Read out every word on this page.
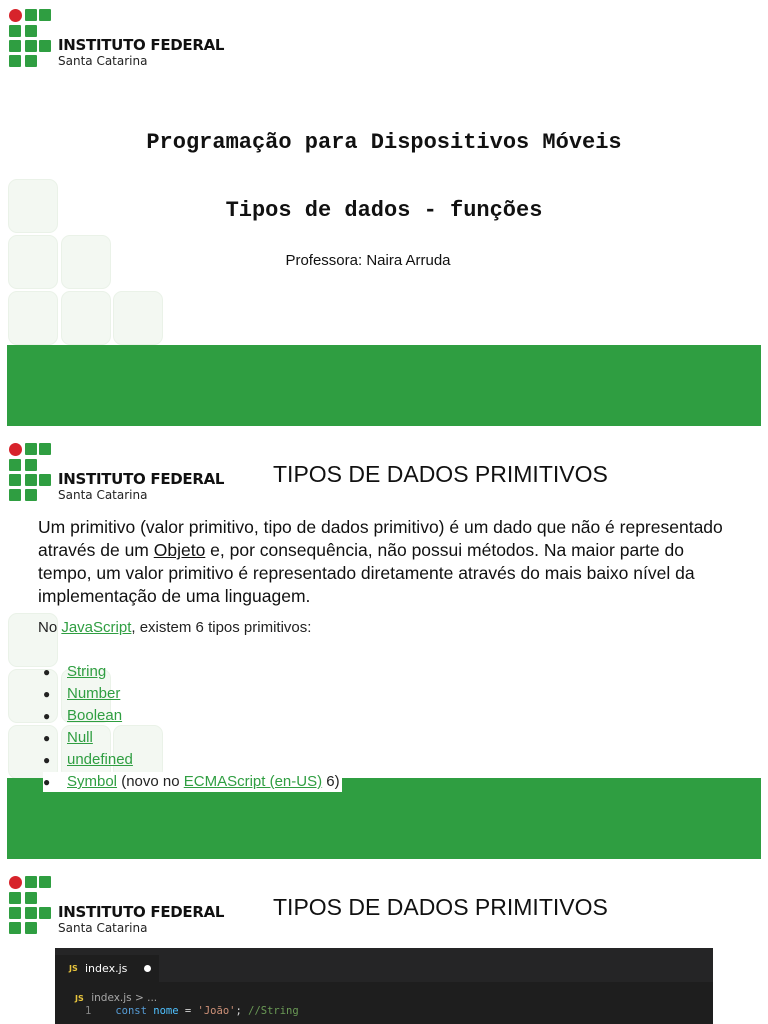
INSTITUTO FEDERAL
Santa Catarina
Programação para Dispositivos Móveis
Tipos de dados - funções
Professora: Naira Arruda
INSTITUTO FEDERAL
Santa Catarina
TIPOS DE DADOS PRIMITIVOS
Um primitivo (valor primitivo, tipo de dados primitivo) é um dado que não é representado através de um Objeto e, por consequência, não possui métodos. Na maior parte do tempo, um valor primitivo é representado diretamente através do mais baixo nível da implementação de uma linguagem.
No JavaScript, existem 6 tipos primitivos:
● String
● Number
● Boolean
● Null
● undefined
● Symbol (novo no ECMAScript (en-US) 6)
INSTITUTO FEDERAL
Santa Catarina
TIPOS DE DADOS PRIMITIVOS
JS index.js
JS index.js > ...
1 const nome = 'João'; //String
